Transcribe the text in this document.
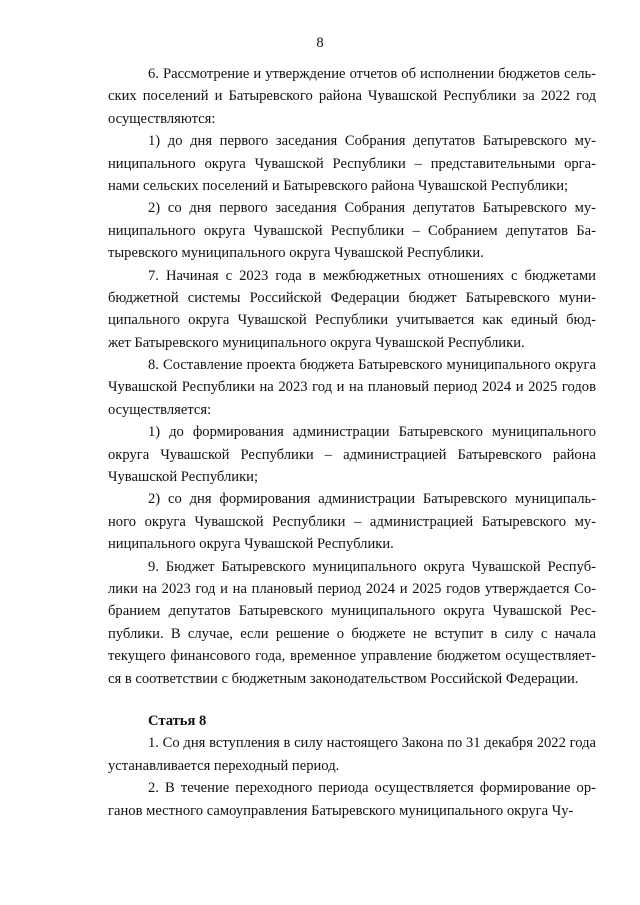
8
6. Рассмотрение и утверждение отчетов об исполнении бюджетов сель-
ских поселений и Батыревского района Чувашской Республики за 2022 год
осуществляются:
1) до дня первого заседания Собрания депутатов Батыревского му-
ниципального округа Чувашской Республики – представительными орга-
нами сельских поселений и Батыревского района Чувашской Республики;
2) со дня первого заседания Собрания депутатов Батыревского му-
ниципального округа Чувашской Республики – Собранием депутатов Ба-
тыревского муниципального округа Чувашской Республики.
7. Начиная с 2023 года в межбюджетных отношениях с бюджетами
бюджетной системы Российской Федерации бюджет Батыревского муни-
ципального округа Чувашской Республики учитывается как единый бюд-
жет Батыревского муниципального округа Чувашской Республики.
8. Составление проекта бюджета Батыревского муниципального округа
Чувашской Республики на 2023 год и на плановый период 2024 и 2025 годов
осуществляется:
1) до формирования администрации Батыревского муниципального
округа Чувашской Республики – администрацией Батыревского района
Чувашской Республики;
2) со дня формирования администрации Батыревского муниципаль-
ного округа Чувашской Республики – администрацией Батыревского му-
ниципального округа Чувашской Республики.
9. Бюджет Батыревского муниципального округа Чувашской Респуб-
лики на 2023 год и на плановый период 2024 и 2025 годов утверждается Со-
бранием депутатов Батыревского муниципального округа Чувашской Рес-
публики. В случае, если решение о бюджете не вступит в силу с начала
текущего финансового года, временное управление бюджетом осуществляет-
ся в соответствии с бюджетным законодательством Российской Федерации.
Статья 8
1. Со дня вступления в силу настоящего Закона по 31 декабря 2022 года
устанавливается переходный период.
2. В течение переходного периода осуществляется формирование ор-
ганов местного самоуправления Батыревского муниципального округа Чу-
